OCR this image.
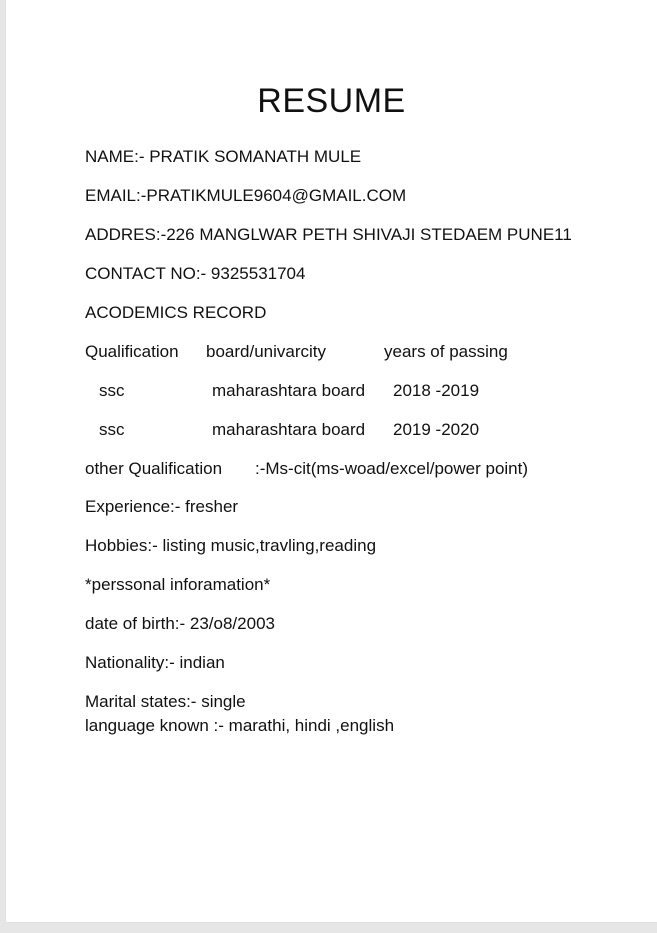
RESUME
NAME:- PRATIK SOMANATH MULE
EMAIL:-PRATIKMULE9604@GMAIL.COM
ADDRES:-226 MANGLWAR PETH SHIVAJI STEDAEM PUNE11
CONTACT NO:- 9325531704
ACODEMICS RECORD
Qualification board/univarcity	years of passing
ssc	maharashtara board 2018 -2019
ssc	maharashtara board 2019 -2020
other Qualification :-Ms-cit(ms-woad/excel/power point)
Experience:- fresher
Hobbies:- listing music,travling,reading
*perssonal inforamation*
date of birth:- 23/o8/2003
Nationality:- indian
Marital states:- single
language known :- marathi, hindi ,english
